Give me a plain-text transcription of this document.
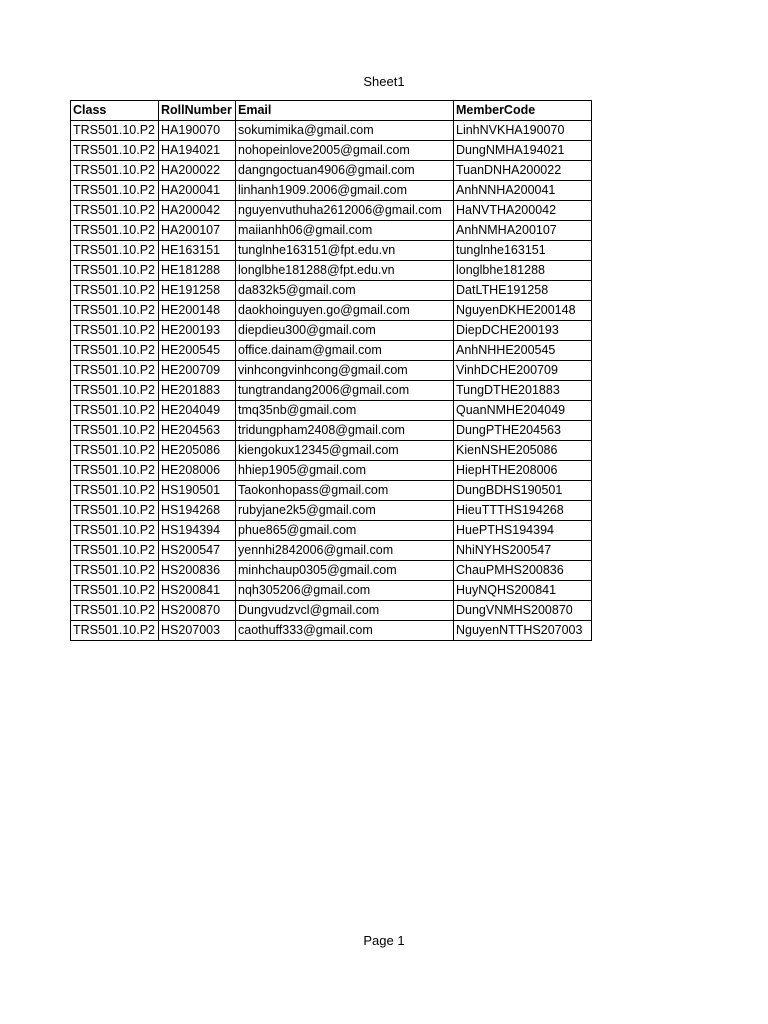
Sheet1
Class	RollNumber	Email	MemberCode
TRS501.10.P2	HA190070	sokumimika@gmail.com	LinhNVKHA190070
TRS501.10.P2	HA194021	nohopeinlove2005@gmail.com	DungNMHA194021
TRS501.10.P2	HA200022	dangngoctuan4906@gmail.com	TuanDNHA200022
TRS501.10.P2	HA200041	linhanh1909.2006@gmail.com	AnhNNHA200041
TRS501.10.P2	HA200042	nguyenvuthuha2612006@gmail.com	HaNVTHA200042
TRS501.10.P2	HA200107	maiianhh06@gmail.com	AnhNMHA200107
TRS501.10.P2	HE163151	tunglnhe163151@fpt.edu.vn	tunglnhe163151
TRS501.10.P2	HE181288	longlbhe181288@fpt.edu.vn	longlbhe181288
TRS501.10.P2	HE191258	da832k5@gmail.com	DatLTHE191258
TRS501.10.P2	HE200148	daokhoinguyen.go@gmail.com	NguyenDKHE200148
TRS501.10.P2	HE200193	diepdieu300@gmail.com	DiepDCHE200193
TRS501.10.P2	HE200545	office.dainam@gmail.com	AnhNHHE200545
TRS501.10.P2	HE200709	vinhcongvinhcong@gmail.com	VinhDCHE200709
TRS501.10.P2	HE201883	tungtrandang2006@gmail.com	TungDTHE201883
TRS501.10.P2	HE204049	tmq35nb@gmail.com	QuanNMHE204049
TRS501.10.P2	HE204563	tridungpham2408@gmail.com	DungPTHE204563
TRS501.10.P2	HE205086	kiengokux12345@gmail.com	KienNSHE205086
TRS501.10.P2	HE208006	hhiep1905@gmail.com	HiepHTHE208006
TRS501.10.P2	HS190501	Taokonhopass@gmail.com	DungBDHS190501
TRS501.10.P2	HS194268	rubyjane2k5@gmail.com	HieuTTTHS194268
TRS501.10.P2	HS194394	phue865@gmail.com	HuePTHS194394
TRS501.10.P2	HS200547	yennhi2842006@gmail.com	NhiNYHS200547
TRS501.10.P2	HS200836	minhchaup0305@gmail.com	ChauPMHS200836
TRS501.10.P2	HS200841	nqh305206@gmail.com	HuyNQHS200841
TRS501.10.P2	HS200870	Dungvudzvcl@gmail.com	DungVNMHS200870
TRS501.10.P2	HS207003	caothuff333@gmail.com	NguyenNTTHS207003
Page 1
